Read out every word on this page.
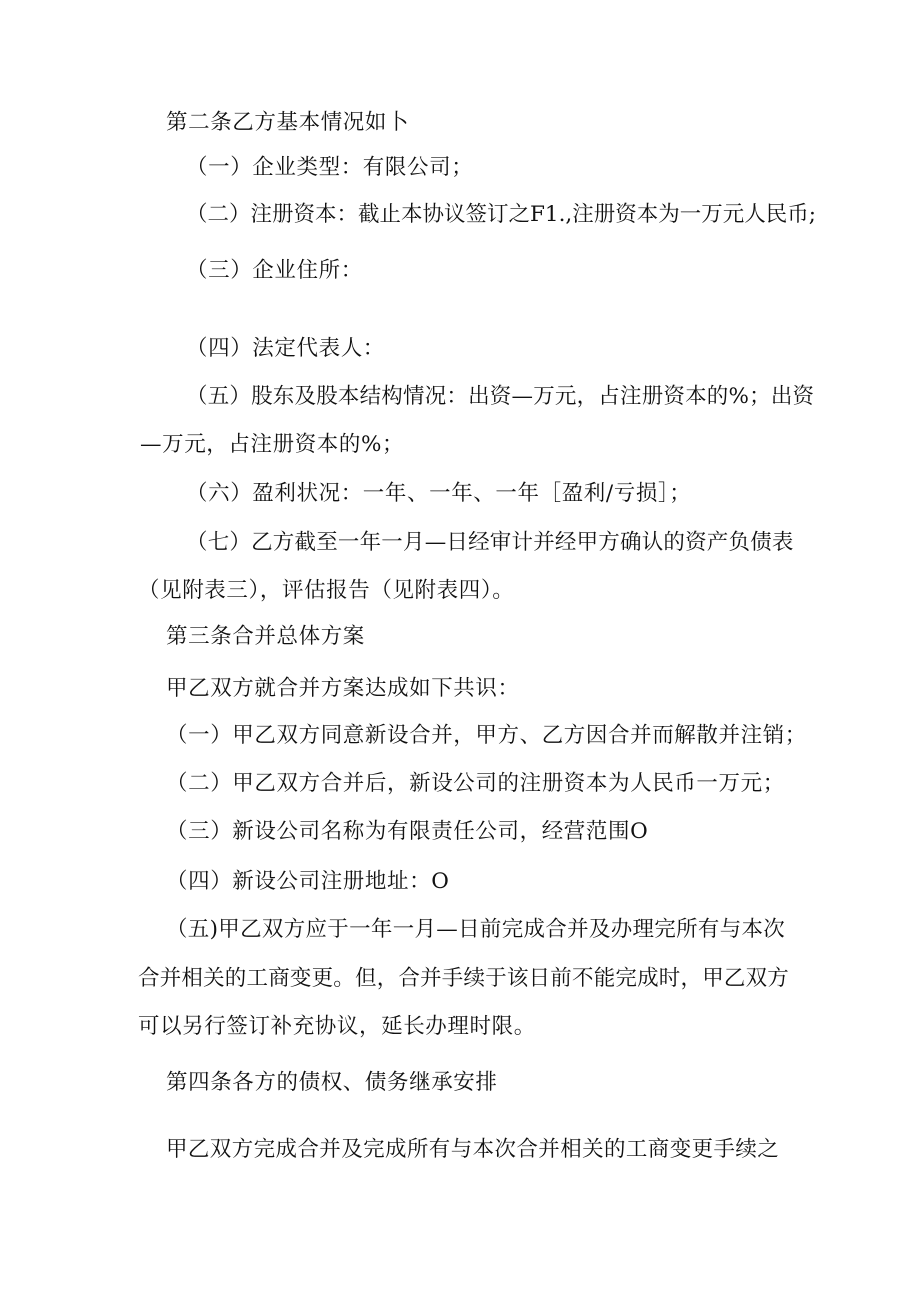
第二条乙方基本情况如卜
（一）企业类型：有限公司；
（二）注册资本：截止本协议签订之F1.,注册资本为一万元人民币;
（三）企业住所：
（四）法定代表人：
（五）股东及股本结构情况：出资—万元，占注册资本的%；出资
—万元，占注册资本的%；
（六）盈利状况：一年、一年、一年［盈利/亏损］；
（七）乙方截至一年一月—日经审计并经甲方确认的资产负债表
（见附表三），评估报告（见附表四）。
第三条合并总体方案
甲乙双方就合并方案达成如下共识：
（一）甲乙双方同意新设合并，甲方、乙方因合并而解散并注销；
（二）甲乙双方合并后，新设公司的注册资本为人民币一万元；
（三）新设公司名称为有限责任公司，经营范围O
（四）新设公司注册地址：O
（五)甲乙双方应于一年一月—日前完成合并及办理完所有与本次
合并相关的工商变更。但，合并手续于该日前不能完成时，甲乙双方
可以另行签订补充协议，延长办理时限。
第四条各方的债权、债务继承安排
甲乙双方完成合并及完成所有与本次合并相关的工商变更手续之
